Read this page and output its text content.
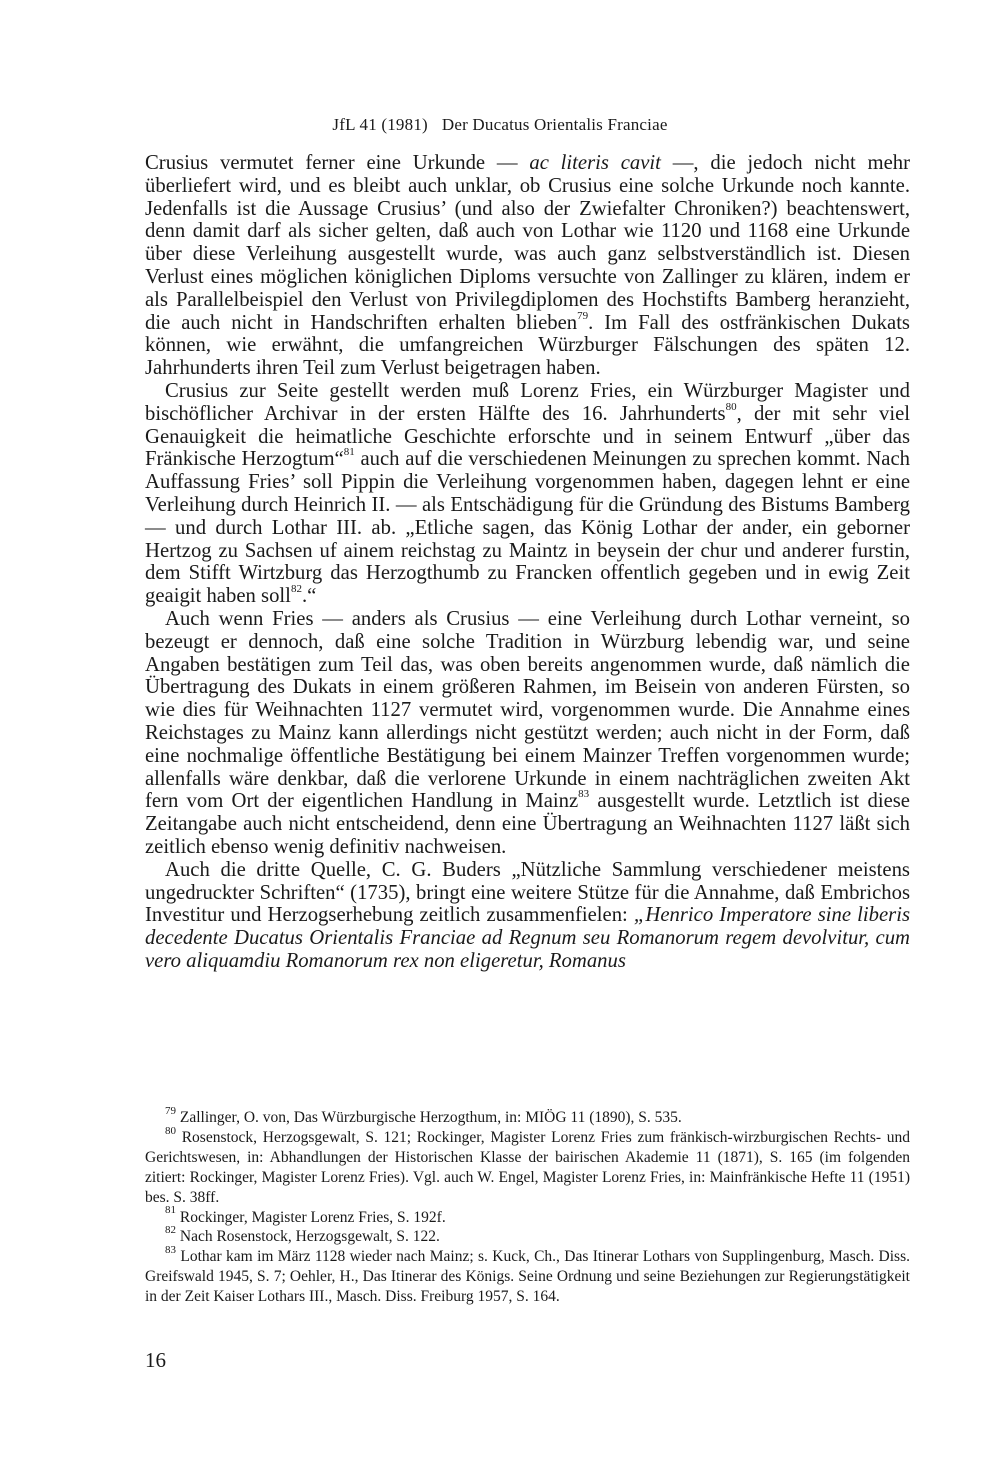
JfL 41 (1981) Der Ducatus Orientalis Franciae

Crusius vermutet ferner eine Urkunde — ac literis cavit —, die jedoch nicht mehr überliefert wird, und es bleibt auch unklar, ob Crusius eine solche Urkunde noch kannte. Jedenfalls ist die Aussage Crusius’ (und also der Zwiefalter Chroniken?) beachtenswert, denn damit darf als sicher gelten, daß auch von Lothar wie 1120 und 1168 eine Urkunde über diese Verleihung ausgestellt wurde, was auch ganz selbstverständlich ist. Diesen Verlust eines möglichen königlichen Diploms versuchte von Zallinger zu klären, indem er als Parallelbeispiel den Verlust von Privilegdiplomen des Hochstifts Bamberg heranzieht, die auch nicht in Handschriften erhalten blieben$^{79}$. Im Fall des ostfränkischen Dukats können, wie erwähnt, die umfangreichen Würzburger Fälschungen des späten 12. Jahrhunderts ihren Teil zum Verlust beigetragen haben.

Crusius zur Seite gestellt werden muß Lorenz Fries, ein Würzburger Magister und bischöflicher Archivar in der ersten Hälfte des 16. Jahrhunderts$^{80}$, der mit sehr viel Genauigkeit die heimatliche Geschichte erforschte und in seinem Entwurf „über das Fränkische Herzogtum“$^{81}$ auch auf die verschiedenen Meinungen zu sprechen kommt. Nach Auffassung Fries’ soll Pippin die Verleihung vorgenommen haben, dagegen lehnt er eine Verleihung durch Heinrich II. — als Entschädigung für die Gründung des Bistums Bamberg — und durch Lothar III. ab. „Etliche sagen, das König Lothar der ander, ein geborner Hertzog zu Sachsen uf ainem reichstag zu Maintz in beysein der chur und anderer furstin, dem Stifft Wirtzburg das Herzogthumb zu Francken offentlich gegeben und in ewig Zeit geaigit haben soll$^{82}$.“

Auch wenn Fries — anders als Crusius — eine Verleihung durch Lothar verneint, so bezeugt er dennoch, daß eine solche Tradition in Würzburg lebendig war, und seine Angaben bestätigen zum Teil das, was oben bereits angenommen wurde, daß nämlich die Übertragung des Dukats in einem größeren Rahmen, im Beisein von anderen Fürsten, so wie dies für Weihnachten 1127 vermutet wird, vorgenommen wurde. Die Annahme eines Reichstages zu Mainz kann allerdings nicht gestützt werden; auch nicht in der Form, daß eine nochmalige öffentliche Bestätigung bei einem Mainzer Treffen vorgenommen wurde; allenfalls wäre denkbar, daß die verlorene Urkunde in einem nachträglichen zweiten Akt fern vom Ort der eigentlichen Handlung in Mainz$^{83}$ ausgestellt wurde. Letztlich ist diese Zeitangabe auch nicht entscheidend, denn eine Übertragung an Weihnachten 1127 läßt sich zeitlich ebenso wenig definitiv nachweisen.

Auch die dritte Quelle, C. G. Buders „Nützliche Sammlung verschiedener meistens ungedruckter Schriften“ (1735), bringt eine weitere Stütze für die Annahme, daß Embrichos Investitur und Herzogserhebung zeitlich zusammenfielen: „Henrico Imperatore sine liberis decedente Ducatus Orientalis Franciae ad Regnum seu Romanorum regem devolvitur, cum vero aliquamdiu Romanorum rex non eligeretur, Romanus

$^{79}$ Zallinger, O. von, Das Würzburgische Herzogthum, in: MIÖG 11 (1890), S. 535.

$^{80}$ Rosenstock, Herzogsgewalt, S. 121; Rockinger, Magister Lorenz Fries zum fränkisch-wirzburgischen Rechts- und Gerichtswesen, in: Abhandlungen der Historischen Klasse der bairischen Akademie 11 (1871), S. 165 (im folgenden zitiert: Rockinger, Magister Lorenz Fries). Vgl. auch W. Engel, Magister Lorenz Fries, in: Mainfränkische Hefte 11 (1951) bes. S. 38ff.

$^{81}$ Rockinger, Magister Lorenz Fries, S. 192f.

$^{82}$ Nach Rosenstock, Herzogsgewalt, S. 122.

$^{83}$ Lothar kam im März 1128 wieder nach Mainz; s. Kuck, Ch., Das Itinerar Lothars von Supplingenburg, Masch. Diss. Greifswald 1945, S. 7; Oehler, H., Das Itinerar des Königs. Seine Ordnung und seine Beziehungen zur Regierungstätigkeit in der Zeit Kaiser Lothars III., Masch. Diss. Freiburg 1957, S. 164.

16
